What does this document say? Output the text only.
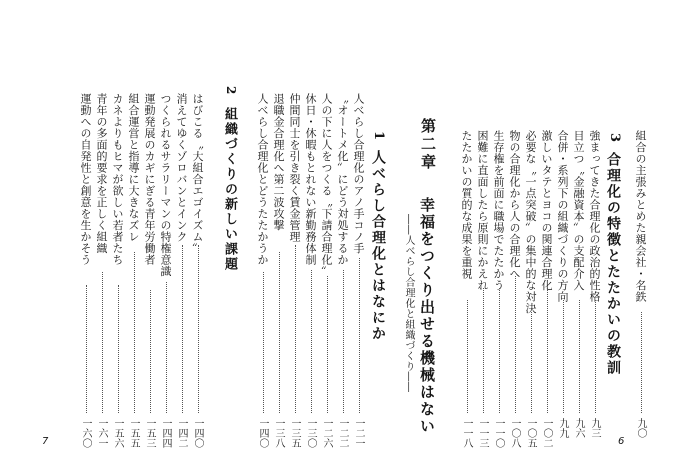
運動への自発性と創意を生かそう
一六〇
青年の多面的要求を正しく組織
一六一
カネよりもヒマが欲しい若者たち
一五六
組合運営と指導に大きなズレ
一五五
運動発展のカギにぎる青年労働者
一五三
つくられるサラリーマンの特権意識
一四四
消えてゆくゾロバンとインク
一四二
はびこる〝大組合エゴイズム〟
一四〇
組織づくりの新しい課題
2
人べらし合理化とどうたたかうか
一四〇
退職金合理化へ第二波攻撃
一三八
仲間同士を引き裂く賃金管理
一三五
休日・休暇もとれない新勤務体制
一三〇
人の下に人をつくる〝下請合理化〟
一二六
〝オートメ化〟にどう対処するか
一二二
人べらし合理化のアノ手コノ手
一二一
7
人べらし合理化とはなにか
1
――人べらし合理化と組織づくり―― 幸福をつくり出せる機械はない
第二章 たたかいの質的な成果を重視
一一八
困難に直面したら原則にかえれ
一一三
生存権を前面に職場でたたかう
一一〇
物の合理化から人の合理化へ
一〇八
必要な〝一点突破〟の集中的な対決
一〇五
激しいタテとヨコの関連合理化
一〇二
合併・系列下の組織づくりの方向
九九
目立つ〝金融資本〟の支配介入
九六
強まってきた合理化の政治的性格
九三
合理化の特徴とたたかいの教訓
3 組合の主張みとめた親会社・名鉄
九〇
6
